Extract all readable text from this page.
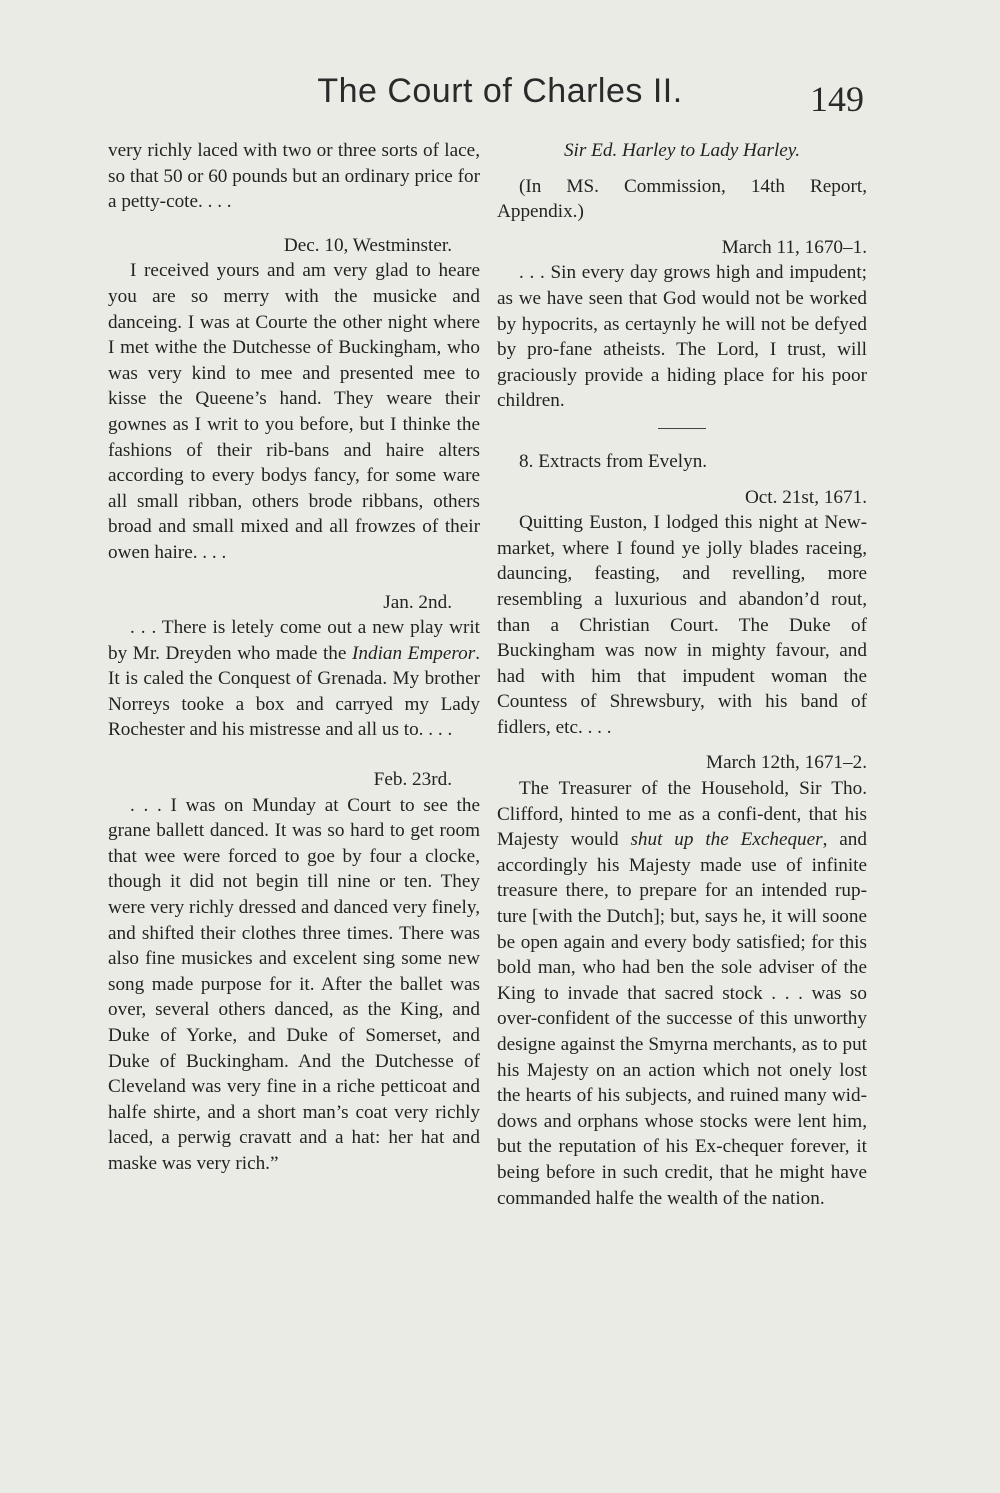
The Court of Charles II.	149

very richly laced with two or three sorts of lace, so that 50 or 60 pounds but an ordinary price for a petty-cote. . . .

Dec. 10, Westminster.

I received yours and am very glad to heare you are so merry with the musicke and danceing. I was at Courte the other night where I met withe the Dutchesse of Buckingham, who was very kind to mee and presented mee to kisse the Queene’s hand. They weare their gownes as I writ to you before, but I thinke the fashions of their rib-bans and haire alters according to every bodys fancy, for some ware all small ribban, others brode ribbans, others broad and small mixed and all frowzes of their owen haire. . . .

Jan. 2nd.

. . . There is letely come out a new play writ by Mr. Dreyden who made the Indian Emperor. It is caled the Conquest of Grenada. My brother Norreys tooke a box and carryed my Lady Rochester and his mistresse and all us to. . . .

Feb. 23rd.

. . . I was on Munday at Court to see the grane ballett danced. It was so hard to get room that wee were forced to goe by four a clocke, though it did not begin till nine or ten. They were very richly dressed and danced very finely, and shifted their clothes three times. There was also fine musickes and excelent sing some new song made purpose for it. After the ballet was over, several others danced, as the King, and Duke of Yorke, and Duke of Somerset, and Duke of Buckingham. And the Dutchesse of Cleveland was very fine in a riche petticoat and halfe shirte, and a short man’s coat very richly laced, a perwig cravatt and a hat: her hat and maske was very rich.”

Sir Ed. Harley to Lady Harley.

(In MS. Commission, 14th Report, Appendix.)

March 11, 1670–1.

. . . Sin every day grows high and impudent; as we have seen that God would not be worked by hypocrits, as certaynly he will not be defyed by pro-fane atheists. The Lord, I trust, will graciously provide a hiding place for his poor children.

8. Extracts from Evelyn.

Oct. 21st, 1671.

Quitting Euston, I lodged this night at New-market, where I found ye jolly blades raceing, dauncing, feasting, and revelling, more resembling a luxurious and abandon’d rout, than a Christian Court. The Duke of Buckingham was now in mighty favour, and had with him that impudent woman the Countess of Shrewsbury, with his band of fidlers, etc. . . .

March 12th, 1671–2.

The Treasurer of the Household, Sir Tho. Clifford, hinted to me as a confi-dent, that his Majesty would shut up the Exchequer, and accordingly his Majesty made use of infinite treasure there, to prepare for an intended rup-ture [with the Dutch]; but, says he, it will soone be open again and every body satisfied; for this bold man, who had ben the sole adviser of the King to invade that sacred stock . . . was so over-confident of the successe of this unworthy designe against the Smyrna merchants, as to put his Majesty on an action which not onely lost the hearts of his subjects, and ruined many wid-dows and orphans whose stocks were lent him, but the reputation of his Ex-chequer forever, it being before in such credit, that he might have commanded halfe the wealth of the nation.
